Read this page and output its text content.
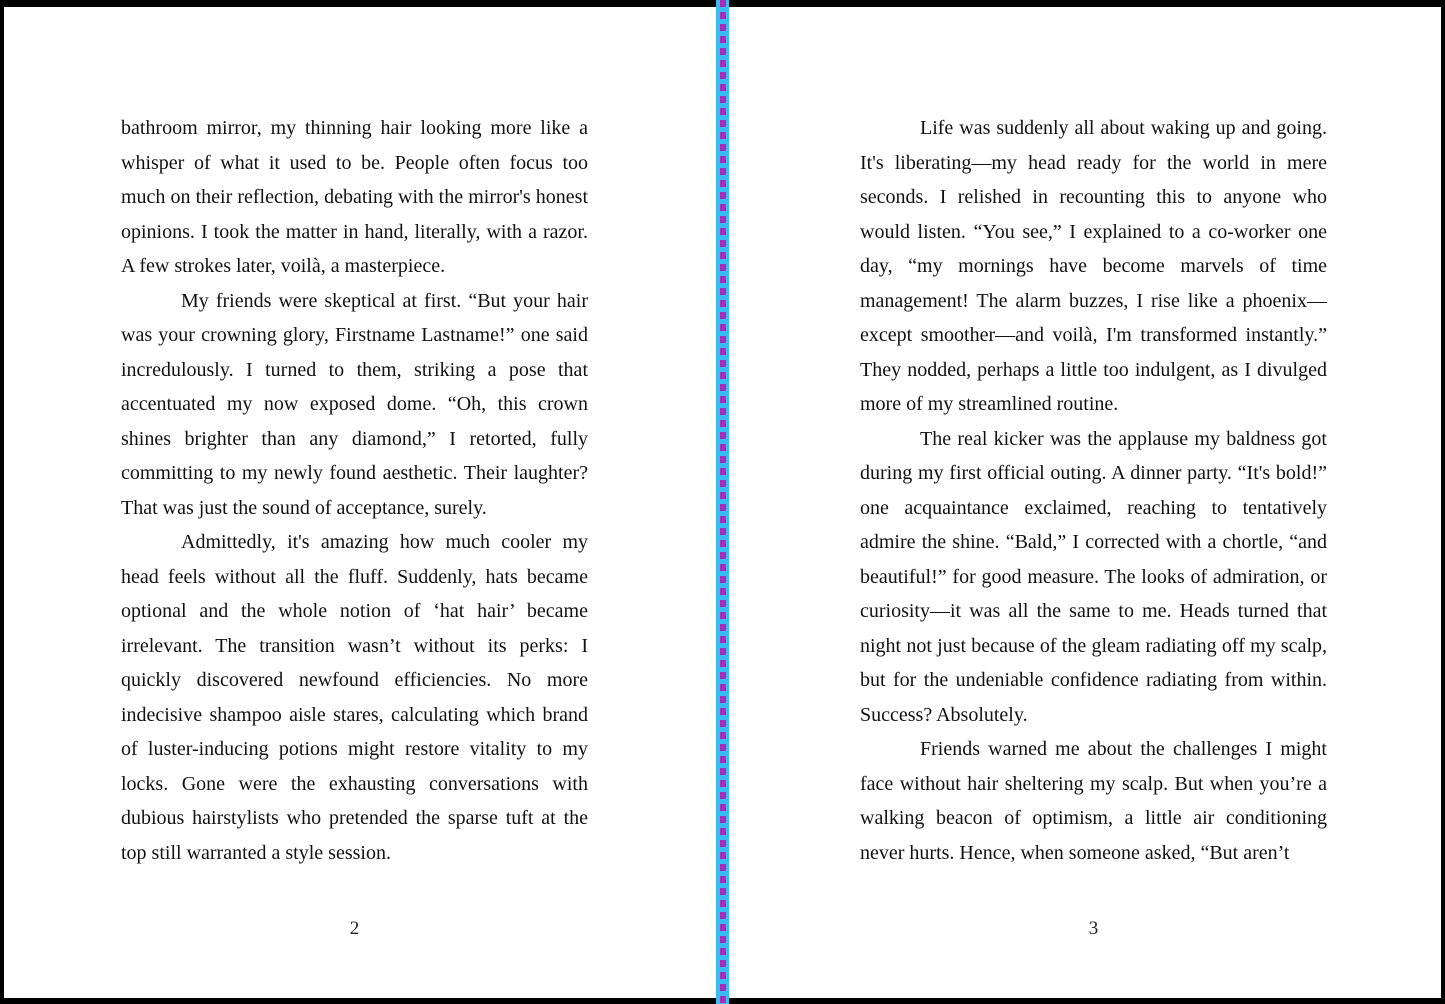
bathroom mirror, my thinning hair looking more like a whisper of what it used to be. People often focus too much on their reflection, debating with the mirror's honest opinions. I took the matter in hand, literally, with a razor. A few strokes later, voilà, a masterpiece.

My friends were skeptical at first. “But your hair was your crowning glory, Firstname Lastname!” one said incredulously. I turned to them, striking a pose that accentuated my now exposed dome. “Oh, this crown shines brighter than any diamond,” I retorted, fully committing to my newly found aesthetic. Their laughter? That was just the sound of acceptance, surely.

Admittedly, it's amazing how much cooler my head feels without all the fluff. Suddenly, hats became optional and the whole notion of ‘hat hair’ became irrelevant. The transition wasn’t without its perks: I quickly discovered newfound efficiencies. No more indecisive shampoo aisle stares, calculating which brand of luster-inducing potions might restore vitality to my locks. Gone were the exhausting conversations with dubious hairstylists who pretended the sparse tuft at the top still warranted a style session.

2

Life was suddenly all about waking up and going. It's liberating—my head ready for the world in mere seconds. I relished in recounting this to anyone who would listen. “You see,” I explained to a co-worker one day, “my mornings have become marvels of time management! The alarm buzzes, I rise like a phoenix—except smoother—and voilà, I'm transformed instantly.” They nodded, perhaps a little too indulgent, as I divulged more of my streamlined routine.

The real kicker was the applause my baldness got during my first official outing. A dinner party. “It's bold!” one acquaintance exclaimed, reaching to tentatively admire the shine. “Bald,” I corrected with a chortle, “and beautiful!” for good measure. The looks of admiration, or curiosity—it was all the same to me. Heads turned that night not just because of the gleam radiating off my scalp, but for the undeniable confidence radiating from within. Success? Absolutely.

Friends warned me about the challenges I might face without hair sheltering my scalp. But when you’re a walking beacon of optimism, a little air conditioning never hurts. Hence, when someone asked, “But aren’t

3
